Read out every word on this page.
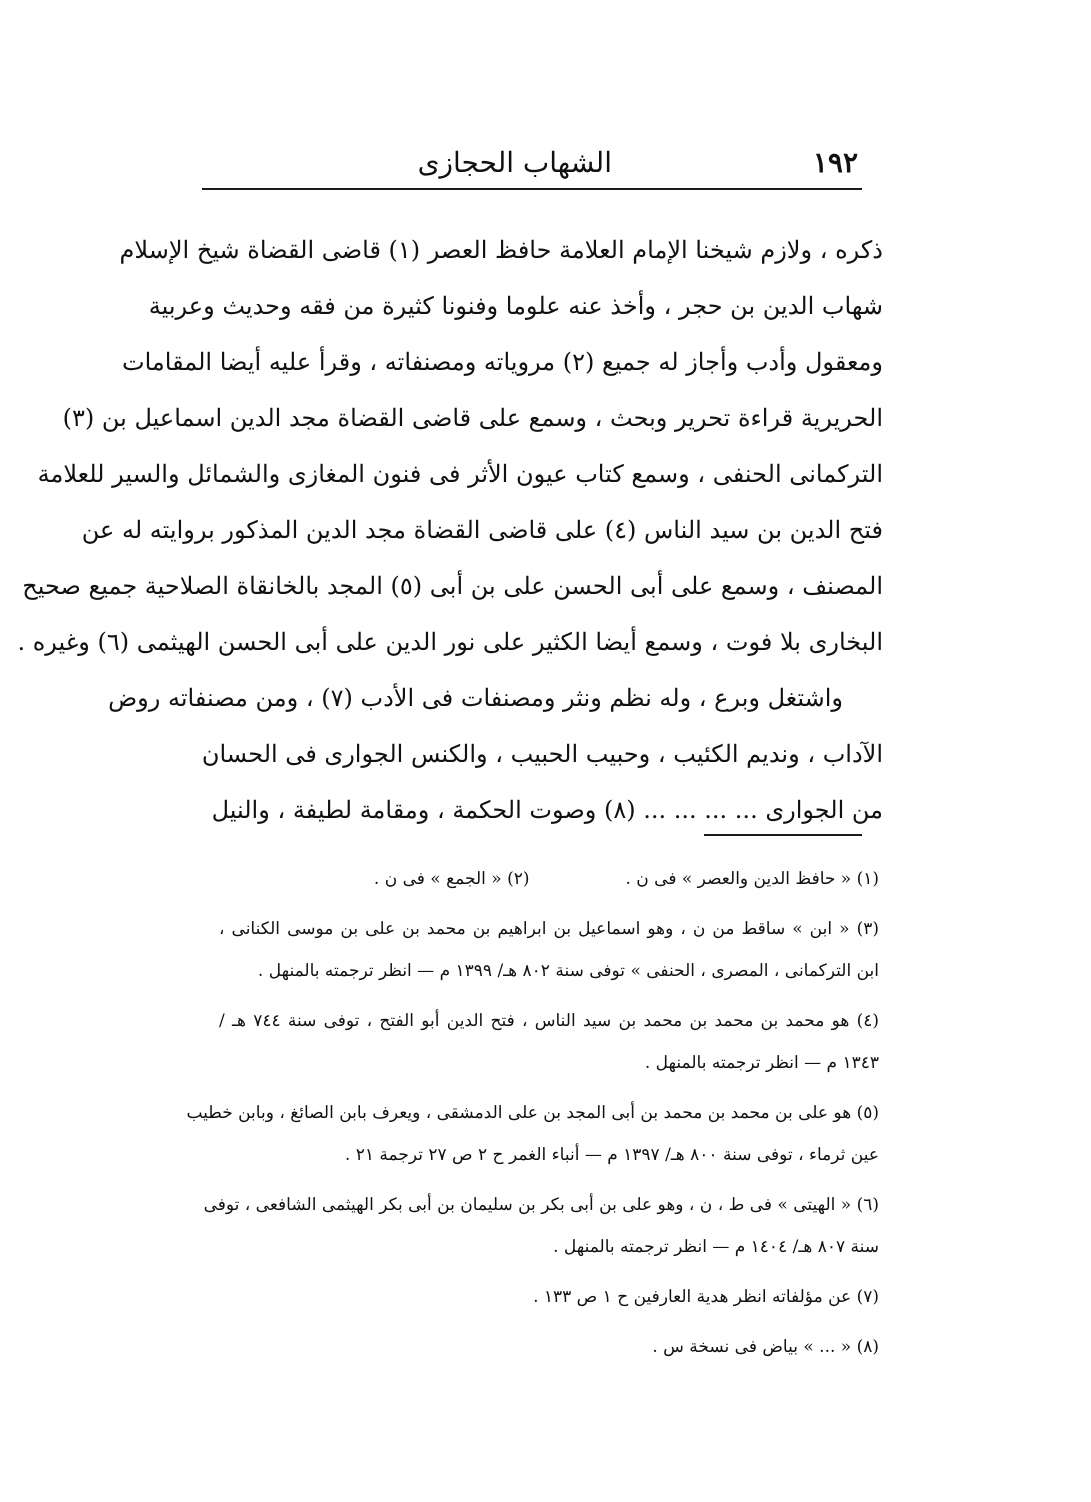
١٩٢
الشهاب الحجازى
ذكره ، ولازم شيخنا الإمام العلامة حافظ العصر (١) قاضى القضاة شيخ الإسلام
شهاب الدين بن حجر ، وأخذ عنه علوما وفنونا كثيرة من فقه وحديث وعربية
ومعقول وأدب وأجاز له جميع (٢) مروياته ومصنفاته ، وقرأ عليه أيضا المقامات
الحريرية قراءة تحرير وبحث ، وسمع على قاضى القضاة مجد الدين اسماعيل بن (٣)
التركمانى الحنفى ، وسمع كتاب عيون الأثر فى فنون المغازى والشمائل والسير للعلامة
فتح الدين بن سيد الناس (٤) على قاضى القضاة مجد الدين المذكور بروايته له عن
المصنف ، وسمع على أبى الحسن على بن أبى (٥) المجد بالخانقاة الصلاحية جميع صحيح
البخارى بلا فوت ، وسمع أيضا الكثير على نور الدين على أبى الحسن الهيثمى (٦) وغيره .
واشتغل وبرع ، وله نظم ونثر ومصنفات فى الأدب (٧) ، ومن مصنفاته روض
الآداب ، ونديم الكئيب ، وحبيب الحبيب ، والكنس الجوارى فى الحسان
من الجوارى ... ... ... ... (٨) وصوت الحكمة ، ومقامة لطيفة ، والنيل
(١) « حافظ الدين والعصر » فى ن .
(٢) « الجمع » فى ن .
(٣) « ابن » ساقط من ن ، وهو اسماعيل بن ابراهيم بن محمد بن على بن موسى الكنانى ،
ابن التركمانى ، المصرى ، الحنفى » توفى سنة ٨٠٢ هـ/ ١٣٩٩ م — انظر ترجمته بالمنهل .
(٤) هو محمد بن محمد بن محمد بن سيد الناس ، فتح الدين أبو الفتح ، توفى سنة ٧٤٤ هـ /
١٣٤٣ م — انظر ترجمته بالمنهل .
(٥) هو على بن محمد بن محمد بن أبى المجد بن على الدمشقى ، ويعرف بابن الصائغ ، وبابن خطيب
عين ثرماء ، توفى سنة ٨٠٠ هـ/ ١٣٩٧ م — أنباء الغمر ح ٢ ص ٢٧ ترجمة ٢١ .
(٦) « الهيتى » فى ط ، ن ، وهو على بن أبى بكر بن سليمان بن أبى بكر الهيثمى الشافعى ، توفى
سنة ٨٠٧ هـ/ ١٤٠٤ م — انظر ترجمته بالمنهل .
(٧) عن مؤلفاته انظر هدية العارفين ح ١ ص ١٣٣ .
(٨) « ... » بياض فى نسخة س .
